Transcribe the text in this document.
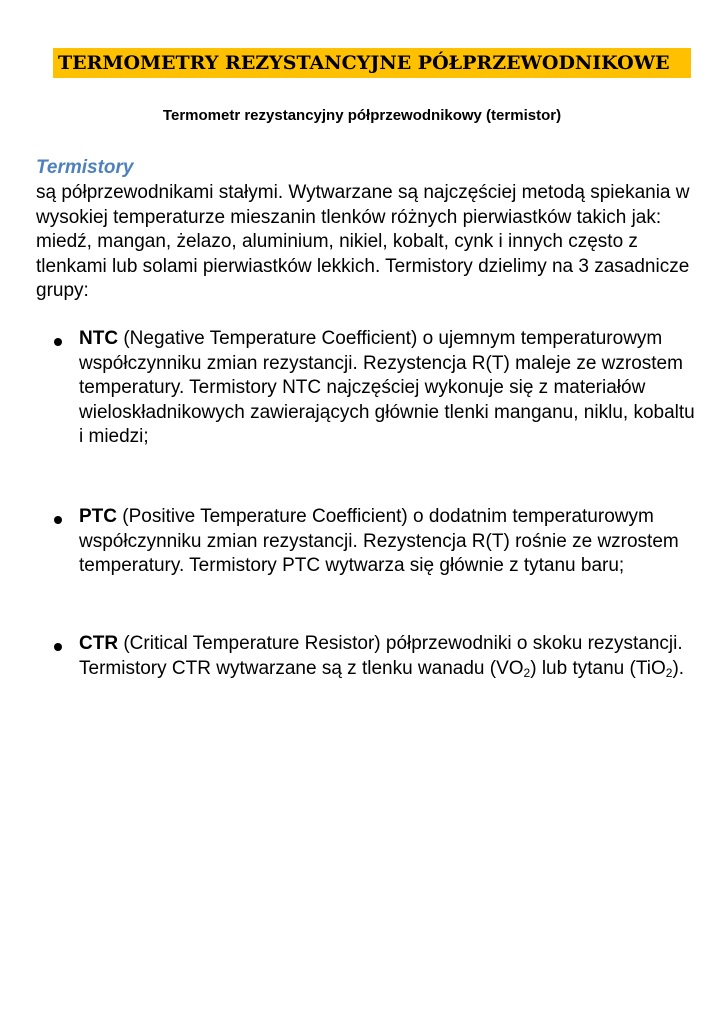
TERMOMETRY REZYSTANCYJNE PÓŁPRZEWODNIKOWE
Termometr rezystancyjny półprzewodnikowy (termistor)
Termistory

są półprzewodnikami stałymi. Wytwarzane są najczęściej metodą spiekania w wysokiej temperaturze mieszanin tlenków różnych pierwiastków takich jak: miedź, mangan, żelazo, aluminium, nikiel, kobalt, cynk i innych często z tlenkami lub solami pierwiastków lekkich. Termistory dzielimy na 3 zasadnicze grupy:

NTC (Negative Temperature Coefficient) o ujemnym temperaturowym współczynniku zmian rezystancji. Rezystencja R(T) maleje ze wzrostem temperatury. Termistory NTC najczęściej wykonuje się z materiałów wieloskładnikowych zawierających głównie tlenki manganu, niklu, kobaltu i miedzi;

PTC (Positive Temperature Coefficient) o dodatnim temperaturowym współczynniku zmian rezystancji. Rezystencja R(T) rośnie ze wzrostem temperatury. Termistory PTC wytwarza się głównie z tytanu baru;

CTR (Critical Temperature Resistor) półprzewodniki o skoku rezystancji. Termistory CTR wytwarzane są z tlenku wanadu $(VO_2)$ lub tytanu (TiO$_2$).
